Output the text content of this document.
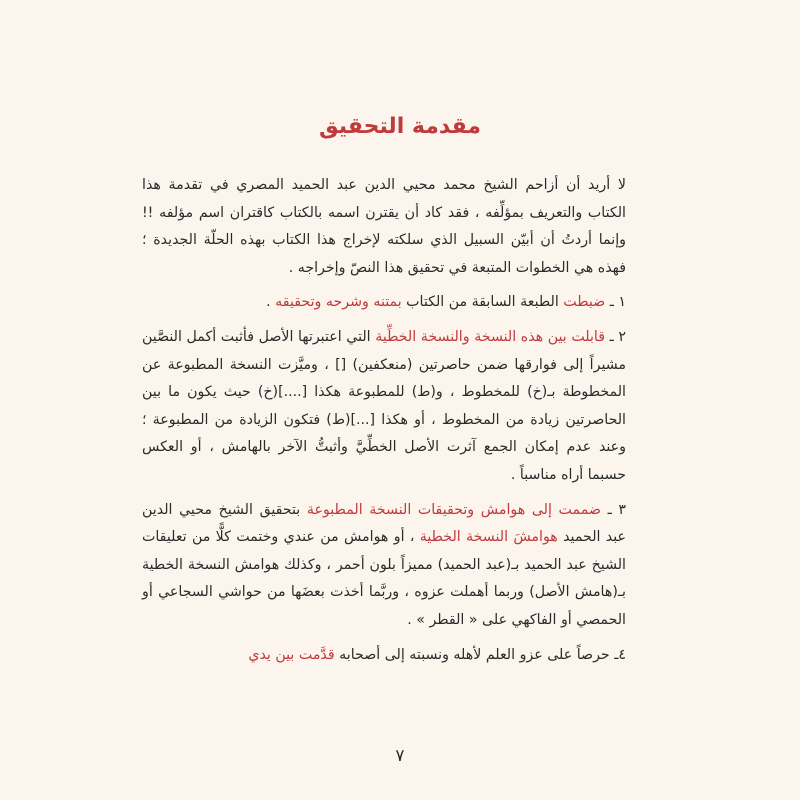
مقدمة التحقيق

لا أريد أن أزاحم الشيخ محمد محيي الدين عبد الحميد المصري في تقدمة هذا الكتاب والتعريف بمؤلِّفه ، فقد كاد أن يقترن اسمه بالكتاب كاقتران اسم مؤلفه !! وإنما أردتُ أن أبيّن السبيل الذي سلكته لإخراج هذا الكتاب بهذه الحلّة الجديدة ؛ فهذه هي الخطوات المتبعة في تحقيق هذا النصّ وإخراجه .

١ ـ ضبطت الطبعة السابقة من الكتاب بمتنه وشرحه وتحقيقه .

٢ ـ قابلت بين هذه النسخة والنسخة الخطِّية التي اعتبرتها الأصل فأثبت أكمل النصَّين مشيراً إلى فوارقها ضمن حاصرتين (منعكفين) [] ، وميَّزت النسخة المطبوعة عن المخطوطة بـ(خ) للمخطوط ، و(ط) للمطبوعة هكذا [....](خ) حيث يكون ما بين الحاصرتين زيادة من المخطوط ، أو هكذا [...](ط) فتكون الزيادة من المطبوعة ؛ وعند عدم إمكان الجمع آثرت الأصل الخطِّيَّ وأثبتُّ الآخر بالهامش ، أو العكس حسبما أراه مناسباً .

٣ ـ ضممت إلى هوامش وتحقيقات النسخة المطبوعة بتحقيق الشيخ محيي الدين عبد الحميد هوامشَ النسخة الخطية ، أو هوامش من عندي وختمت كلًّا من تعليقات الشيخ عبد الحميد بـ(عبد الحميد) مميزاً بلون أحمر ، وكذلك هوامش النسخة الخطية بـ(هامش الأصل) وربما أهملت عزوه ، وربَّما أخذت بعضَها من حواشي السجاعي أو الحمصي أو الفاكهي على « القطر » .

٤ـ حرصاً على عزو العلم لأهله ونسبته إلى أصحابه قدَّمت بين يدي

٧
